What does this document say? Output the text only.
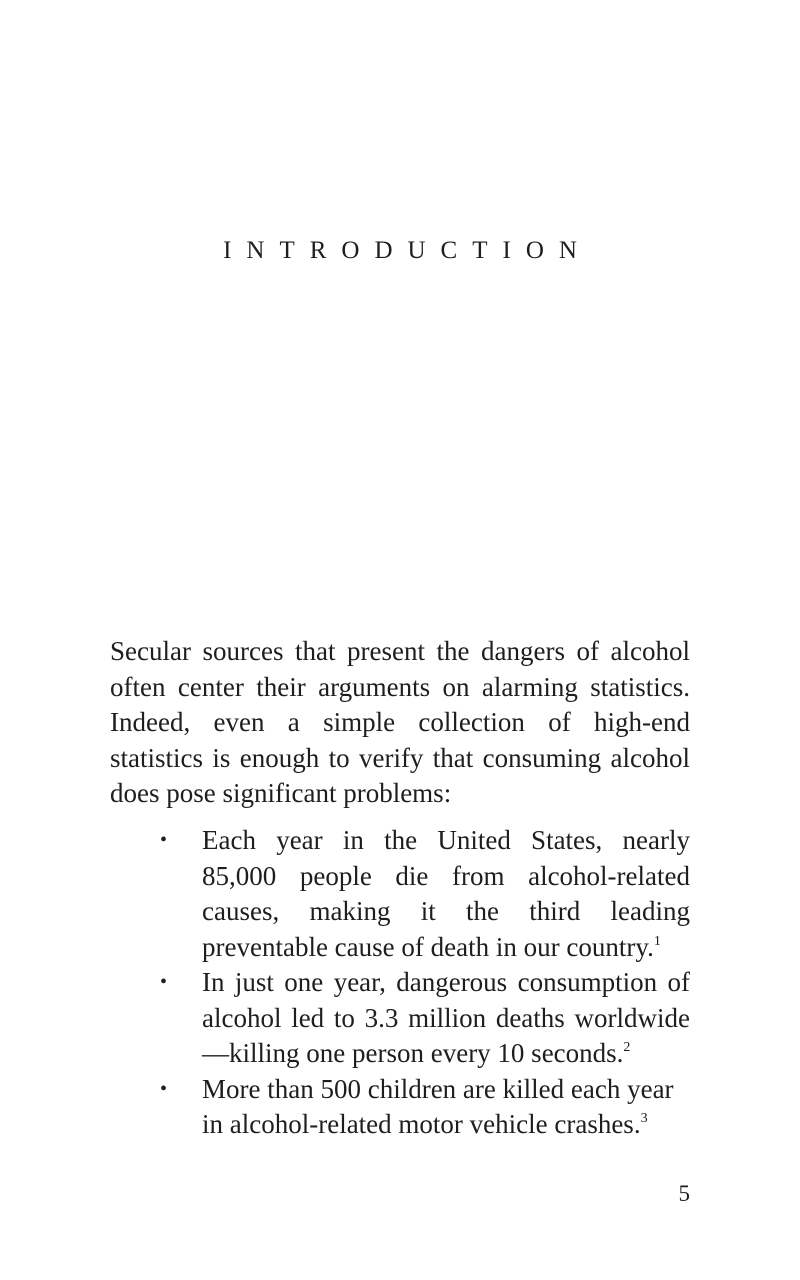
INTRODUCTION

Secular sources that present the dangers of alcohol often center their arguments on alarming statistics. Indeed, even a simple collection of high-end statistics is enough to verify that consuming alcohol does pose significant problems:

• Each year in the United States, nearly 85,000 people die from alcohol-related causes, making it the third leading preventable cause of death in our country.$^1$
• In just one year, dangerous consumption of alcohol led to 3.3 million deaths worldwide—killing one person every 10 seconds.$^2$
• More than 500 children are killed each year in alcohol-related motor vehicle crashes.$^3$

5
